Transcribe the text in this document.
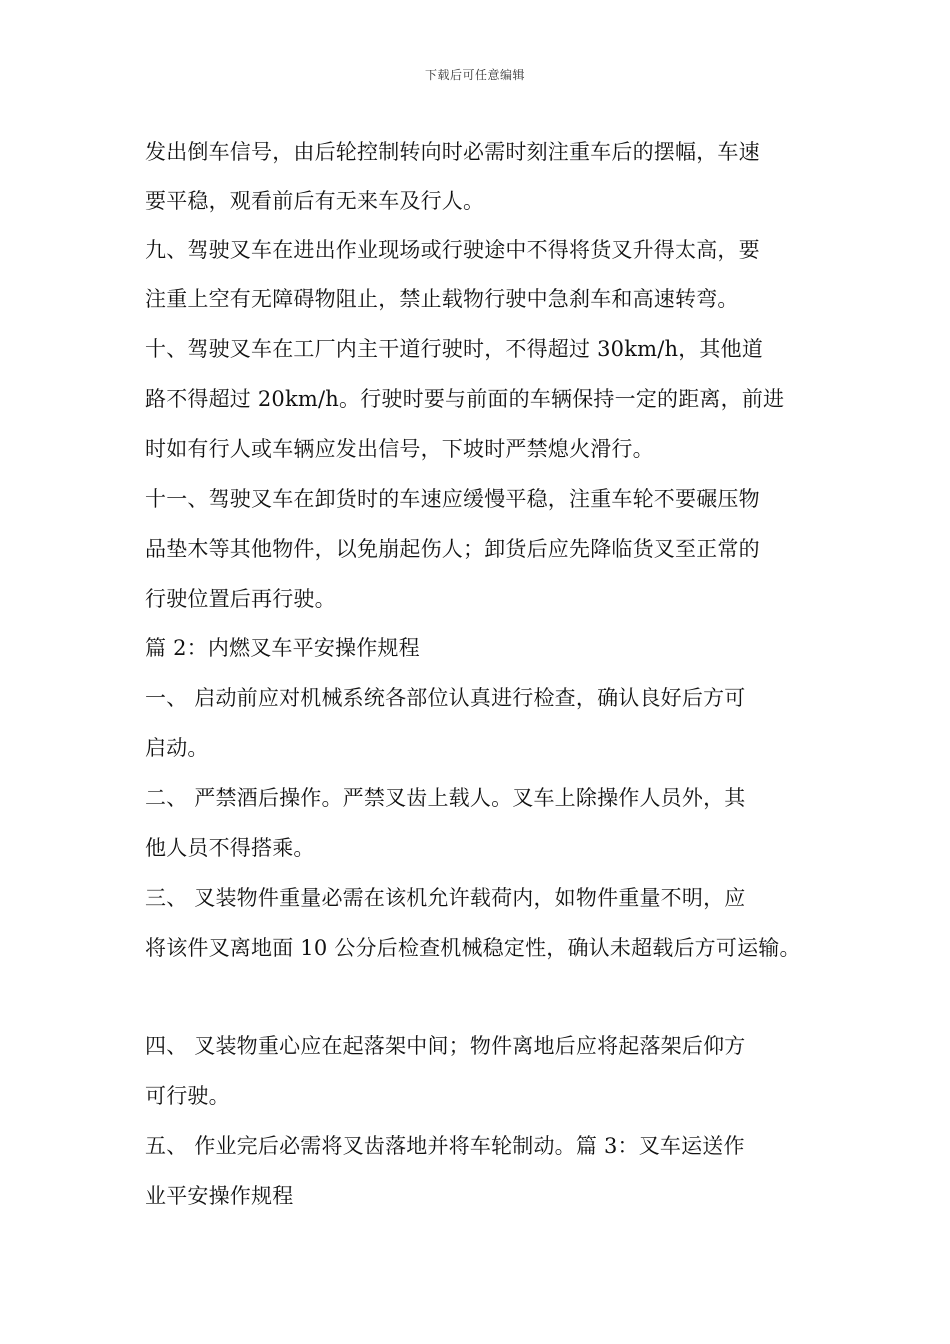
下载后可任意编辑
发出倒车信号，由后轮控制转向时必需时刻注重车后的摆幅，车速
要平稳，观看前后有无来车及行人。
九、驾驶叉车在进出作业现场或行驶途中不得将货叉升得太高，要
注重上空有无障碍物阻止，禁止载物行驶中急刹车和高速转弯。
十、驾驶叉车在工厂内主干道行驶时，不得超过 30km/h，其他道
路不得超过 20km/h。行驶时要与前面的车辆保持一定的距离，前进
时如有行人或车辆应发出信号，下坡时严禁熄火滑行。
十一、驾驶叉车在卸货时的车速应缓慢平稳，注重车轮不要碾压物
品垫木等其他物件，以免崩起伤人；卸货后应先降临货叉至正常的
行驶位置后再行驶。
篇 2：内燃叉车平安操作规程
一、 启动前应对机械系统各部位认真进行检查，确认良好后方可
启动。
二、 严禁酒后操作。严禁叉齿上载人。叉车上除操作人员外，其
他人员不得搭乘。
三、 叉装物件重量必需在该机允许载荷内，如物件重量不明，应
将该件叉离地面 10 公分后检查机械稳定性，确认未超载后方可运输。
四、 叉装物重心应在起落架中间；物件离地后应将起落架后仰方
可行驶。
五、 作业完后必需将叉齿落地并将车轮制动。篇 3：叉车运送作
业平安操作规程
